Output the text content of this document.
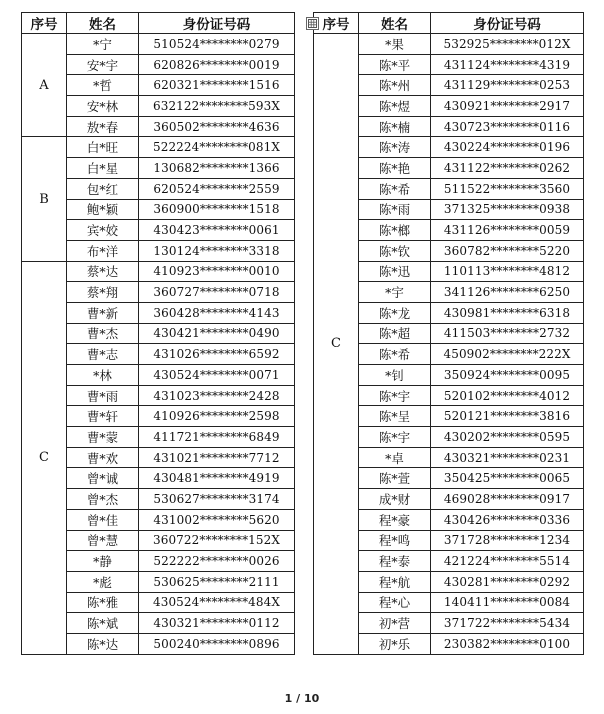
序号	姓名	身份证号码
A	*宁	510524********0279
	安*宇	620826********0019
	*哲	620321********1516
	安*林	632122********593X
	敖*春	360502********4636
B	白*旺	522224********081X
	白*星	130682********1366
	包*红	620524********2559
	鲍*颖	360900********1518
	宾*姣	430423********0061
	布*洋	130124********3318
C	蔡*达	410923********0010
	蔡*翔	360727********0718
	曹*新	360428********4143
	曹*杰	430421********0490
	曹*志	431026********6592
	*林	430524********0071
	曹*雨	431023********2428
	曹*轩	410926********2598
	曹*蒙	411721********6849
	曹*欢	431021********7712
	曾*诚	430481********4919
	曾*杰	530627********3174
	曾*佳	431002********5620
	曾*慧	360722********152X
	*静	522222********0026
	*彪	530625********2111
	陈*雅	430524********484X
	陈*斌	430321********0112
	陈*达	500240********0896
序号	姓名	身份证号码
C	*果	532925********012X
	陈*平	431124********4319
	陈*州	431129********0253
	陈*煜	430921********2917
	陈*楠	430723********0116
	陈*涛	430224********0196
	陈*艳	431122********0262
	陈*希	511522********3560
	陈*雨	371325********0938
	陈*榔	431126********0059
	陈*钦	360782********5220
	陈*迅	110113********4812
	*宇	341126********6250
	陈*龙	430981********6318
	陈*超	411503********2732
	陈*希	450902********222X
	*钊	350924********0095
	陈*宇	520102********4012
	陈*呈	520121********3816
	陈*宇	430202********0595
	*卓	430321********0231
	陈*萱	350425********0065
	成*财	469028********0917
	程*豪	430426********0336
	程*鸣	371728********1234
	程*泰	421224********5514
	程*航	430281********0292
	程*心	140411********0084
	初*营	371722********5434
	初*乐	230382********0100
1 / 10
